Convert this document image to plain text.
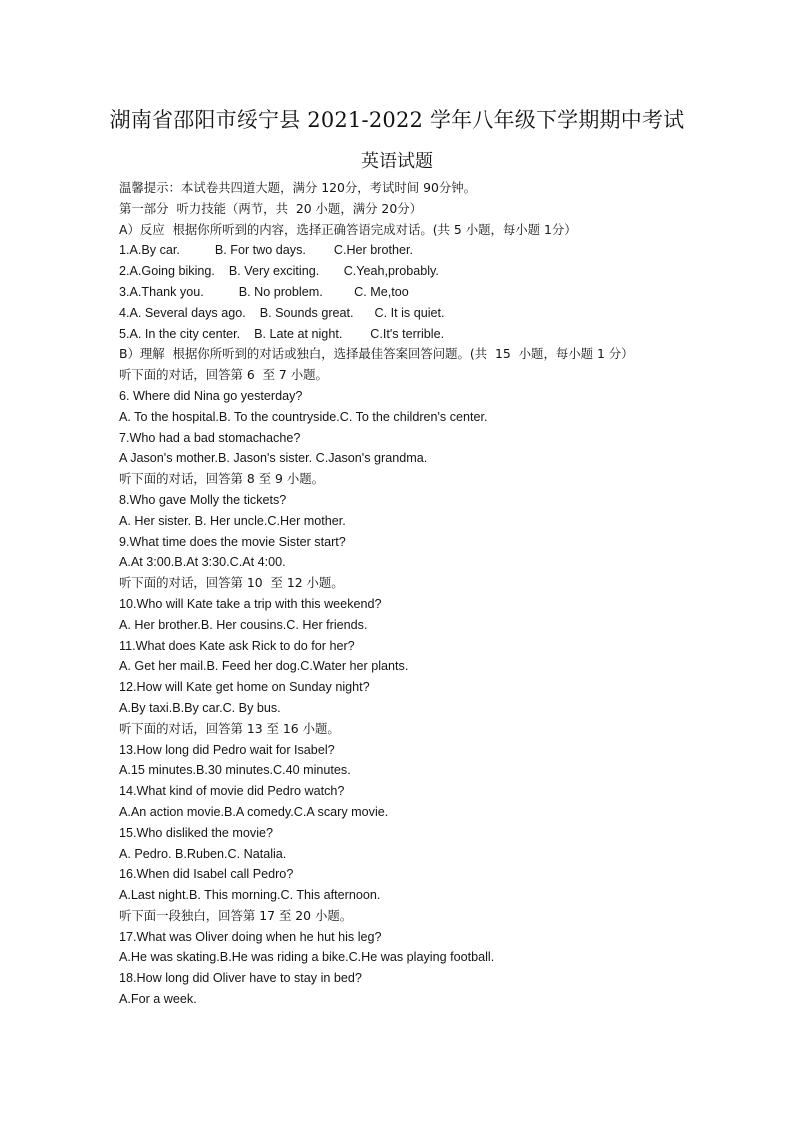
湖南省邵阳市绥宁县 2021-2022 学年八年级下学期期中考试
英语试题
温馨提示：本试卷共四道大题，满分 120分，考试时间 90分钟。
第一部分  听力技能（两节，共  20 小题，满分 20分）
A）反应  根据你所听到的内容，选择正确答语完成对话。(共 5 小题，每小题 1分）
1.A.By car.          B. For two days.        C.Her brother.
2.A.Going biking.    B. Very exciting.       C.Yeah,probably.
3.A.Thank you.          B. No problem.         C. Me,too
4.A. Several days ago.    B. Sounds great.      C. It is quiet.
5.A. In the city center.    B. Late at night.        C.It's terrible.
B）理解  根据你所听到的对话或独白，选择最佳答案回答问题。(共  15  小题，每小题 1 分）
听下面的对话，回答第 6  至 7 小题。
6. Where did Nina go yesterday?
A. To the hospital.B. To the countryside.C. To the children's center.
7.Who had a bad stomachache?
A Jason's mother.B. Jason's sister. C.Jason's grandma.
听下面的对话，回答第 8 至 9 小题。
8.Who gave Molly the tickets?
A. Her sister. B. Her uncle.C.Her mother.
9.What time does the movie Sister start?
A.At 3:00.B.At 3:30.C.At 4:00.
听下面的对话，回答第 10  至 12 小题。
10.Who will Kate take a trip with this weekend?
A. Her brother.B. Her cousins.C. Her friends.
11.What does Kate ask Rick to do for her?
A. Get her mail.B. Feed her dog.C.Water her plants.
12.How will Kate get home on Sunday night?
A.By taxi.B.By car.C. By bus.
听下面的对话，回答第 13 至 16 小题。
13.How long did Pedro wait for Isabel?
A.15 minutes.B.30 minutes.C.40 minutes.
14.What kind of movie did Pedro watch?
A.An action movie.B.A comedy.C.A scary movie.
15.Who disliked the movie?
A. Pedro. B.Ruben.C. Natalia.
16.When did Isabel call Pedro?
A.Last night.B. This morning.C. This afternoon.
听下面一段独白，回答第 17 至 20 小题。
17.What was Oliver doing when he hut his leg?
A.He was skating.B.He was riding a bike.C.He was playing football.
18.How long did Oliver have to stay in bed?
A.For a week.
